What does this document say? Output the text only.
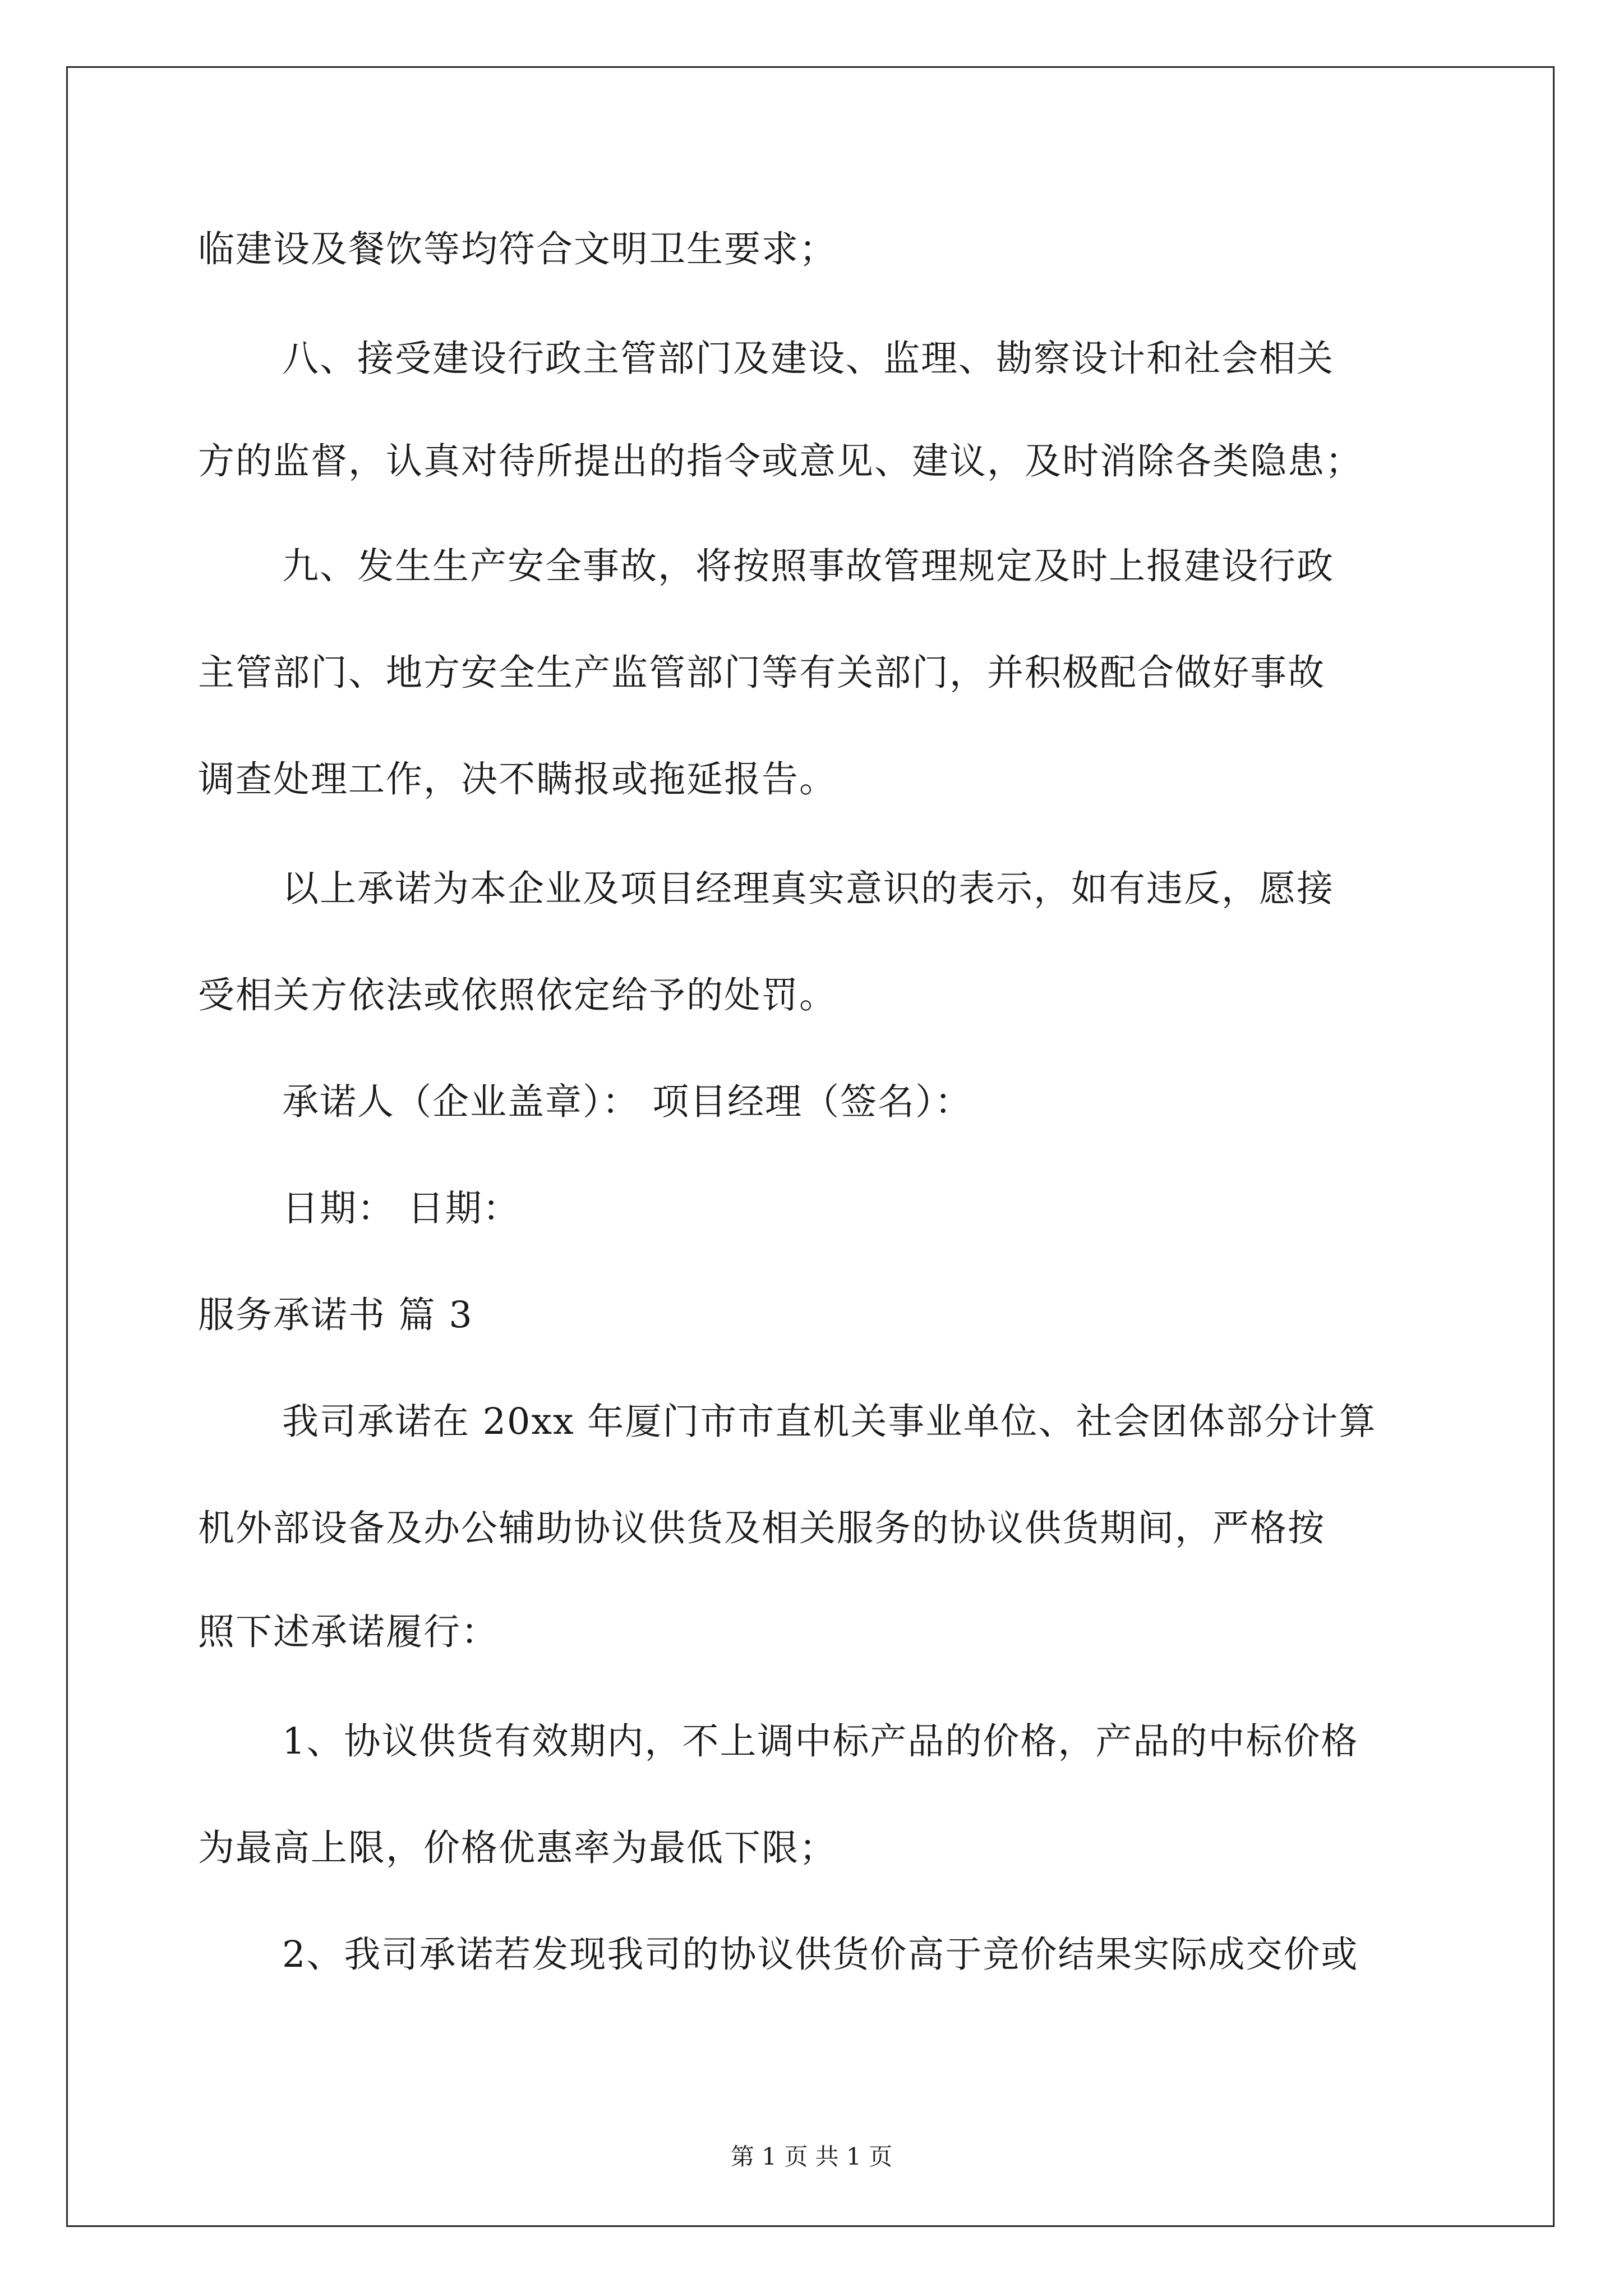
临建设及餐饮等均符合文明卫生要求；
八、接受建设行政主管部门及建设、监理、勘察设计和社会相关
方的监督，认真对待所提出的指令或意见、建议，及时消除各类隐患；
九、发生生产安全事故，将按照事故管理规定及时上报建设行政
主管部门、地方安全生产监管部门等有关部门，并积极配合做好事故
调查处理工作，决不瞒报或拖延报告。
以上承诺为本企业及项目经理真实意识的表示，如有违反，愿接
受相关方依法或依照依定给予的处罚。
承诺人（企业盖章）： 项目经理（签名）：
日期： 日期：
服务承诺书 篇 3
我司承诺在 20xx 年厦门市市直机关事业单位、社会团体部分计算
机外部设备及办公辅助协议供货及相关服务的协议供货期间，严格按
照下述承诺履行：
1、协议供货有效期内，不上调中标产品的价格，产品的中标价格
为最高上限，价格优惠率为最低下限；
2、我司承诺若发现我司的协议供货价高于竞价结果实际成交价或
第 1 页 共 1 页
